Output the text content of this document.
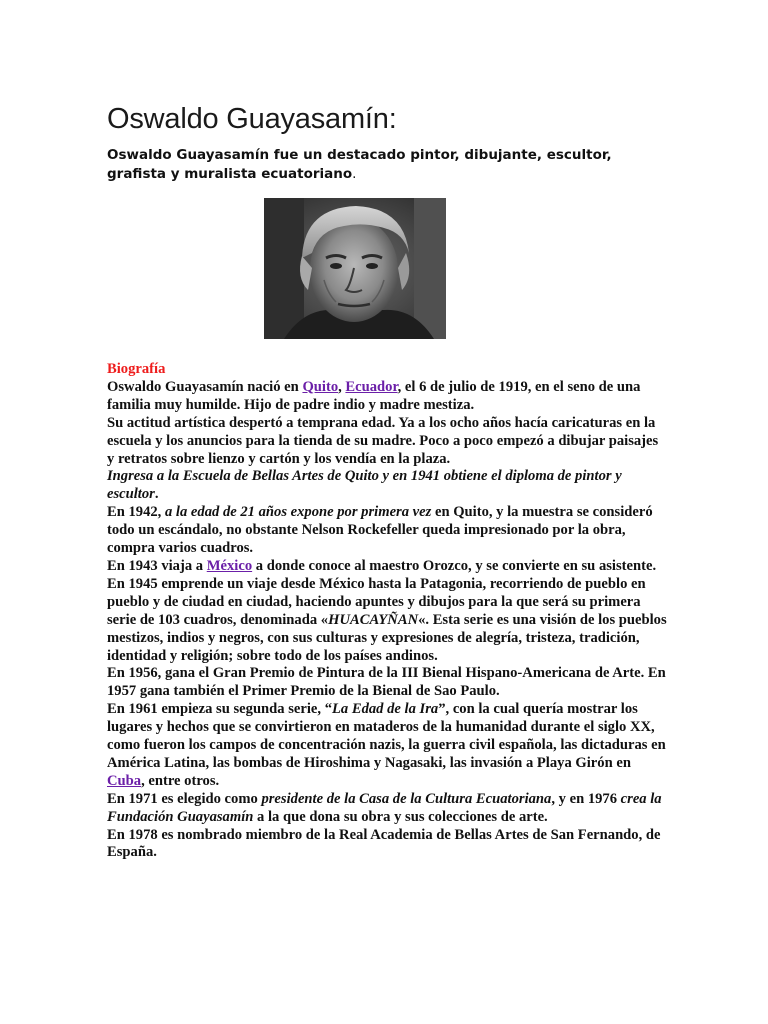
Oswaldo Guayasamín:
Oswaldo Guayasamín fue un destacado pintor, dibujante, escultor, grafista y muralista ecuatoriano.

Biografía

Oswaldo Guayasamín nació en Quito, Ecuador, el 6 de julio de 1919, en el seno de una familia muy humilde. Hijo de padre indio y madre mestiza.

Su actitud artística despertó a temprana edad. Ya a los ocho años hacía caricaturas en la escuela y los anuncios para la tienda de su madre. Poco a poco empezó a dibujar paisajes y retratos sobre lienzo y cartón y los vendía en la plaza.

Ingresa a la Escuela de Bellas Artes de Quito y en 1941 obtiene el diploma de pintor y escultor.

En 1942, a la edad de 21 años expone por primera vez en Quito, y la muestra se consideró todo un escándalo, no obstante Nelson Rockefeller queda impresionado por la obra, compra varios cuadros.

En 1943 viaja a México a donde conoce al maestro Orozco, y se convierte en su asistente.

En 1945 emprende un viaje desde México hasta la Patagonia, recorriendo de pueblo en pueblo y de ciudad en ciudad, haciendo apuntes y dibujos para la que será su primera serie de 103 cuadros, denominada «HUACAYÑAN«. Esta serie es una visión de los pueblos mestizos, indios y negros, con sus culturas y expresiones de alegría, tristeza, tradición, identidad y religión; sobre todo de los países andinos.

En 1956, gana el Gran Premio de Pintura de la III Bienal Hispano-Americana de Arte. En 1957 gana también el Primer Premio de la Bienal de Sao Paulo.

En 1961 empieza su segunda serie, “La Edad de la Ira”, con la cual quería mostrar los lugares y hechos que se convirtieron en mataderos de la humanidad durante el siglo XX, como fueron los campos de concentración nazis, la guerra civil española, las dictaduras en América Latina, las bombas de Hiroshima y Nagasaki, las invasión a Playa Girón en Cuba, entre otros.

En 1971 es elegido como presidente de la Casa de la Cultura Ecuatoriana, y en 1976 crea la Fundación Guayasamín a la que dona su obra y sus colecciones de arte.

En 1978 es nombrado miembro de la Real Academia de Bellas Artes de San Fernando, de España.
